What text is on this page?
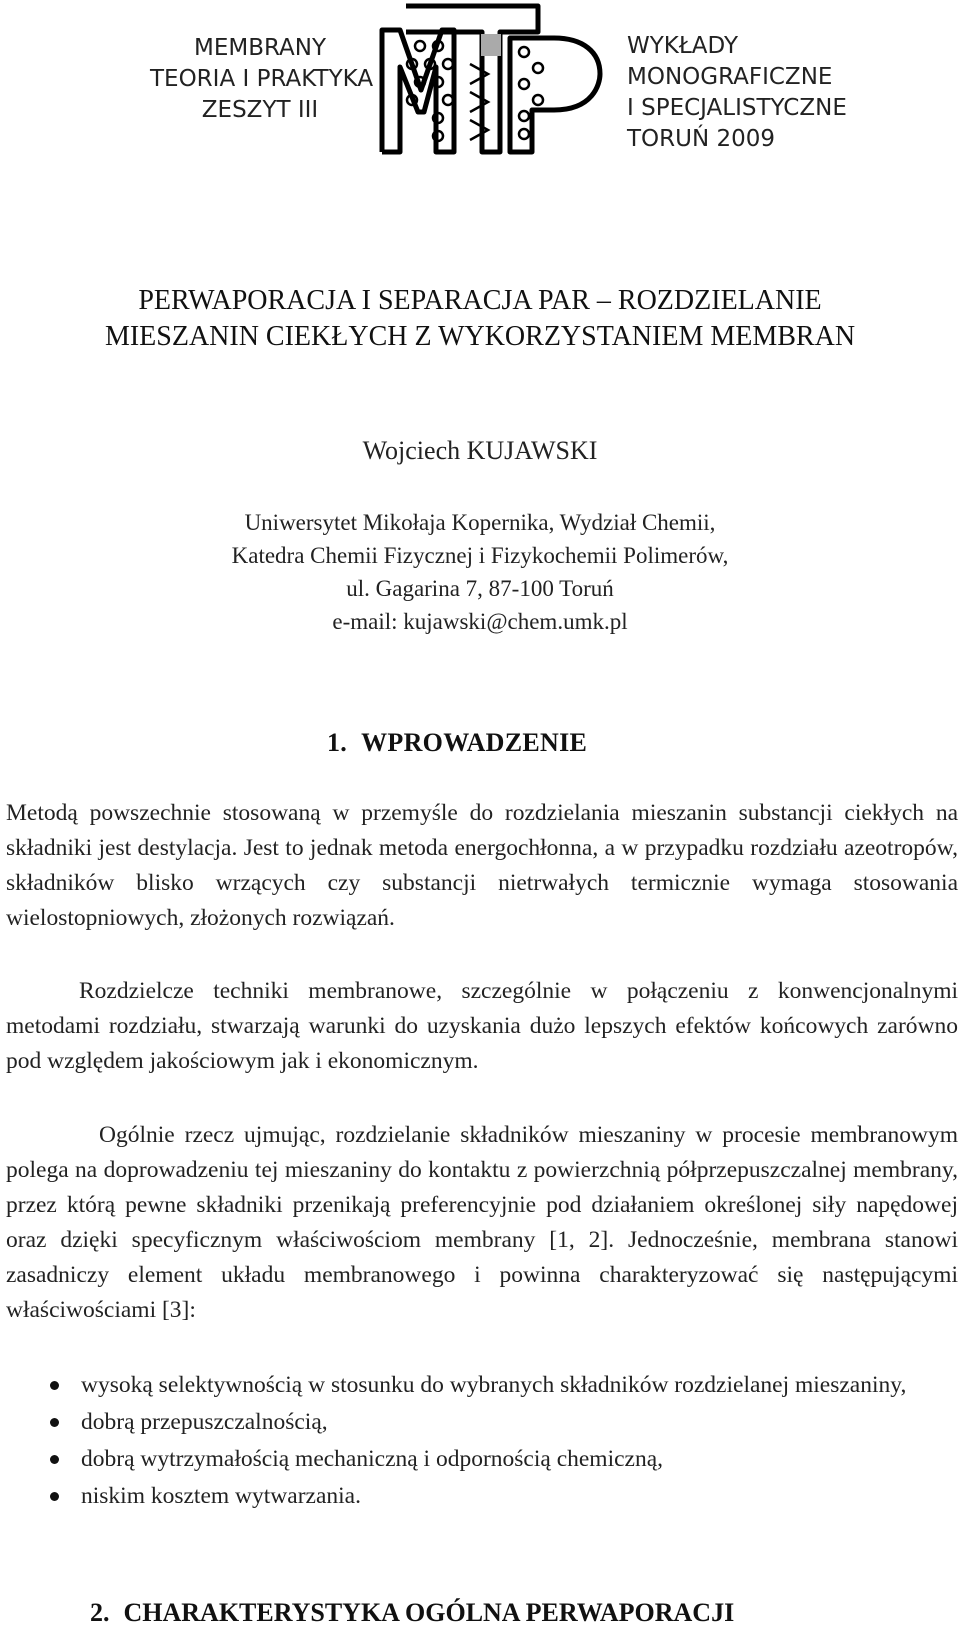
MEMBRANY
TEORIA I PRAKTYKA
ZESZYT III
WYKŁADY
MONOGRAFICZNE
I SPECJALISTYCZNE
TORUŃ 2009
PERWAPORACJA I SEPARACJA PAR – ROZDZIELANIE
MIESZANIN CIEKŁYCH Z WYKORZYSTANIEM MEMBRAN
Wojciech KUJAWSKI
Uniwersytet Mikołaja Kopernika, Wydział Chemii,
Katedra Chemii Fizycznej i Fizykochemii Polimerów,
ul. Gagarina 7, 87-100 Toruń
e-mail: kujawski@chem.umk.pl
1. WPROWADZENIE
Metodą powszechnie stosowaną w przemyśle do rozdzielania mieszanin substancji ciekłych na składniki jest destylacja. Jest to jednak metoda energochłonna, a w przypadku rozdziału azeotropów, składników blisko wrzących czy substancji nietrwałych termicznie wymaga stosowania wielostopniowych, złożonych rozwiązań.
Rozdzielcze techniki membranowe, szczególnie w połączeniu z konwencjonalnymi metodami rozdziału, stwarzają warunki do uzyskania dużo lepszych efektów końcowych zarówno pod względem jakościowym jak i ekonomicznym.
Ogólnie rzecz ujmując, rozdzielanie składników mieszaniny w procesie membranowym polega na doprowadzeniu tej mieszaniny do kontaktu z powierzchnią półprzepuszczalnej membrany, przez którą pewne składniki przenikają preferencyjnie pod działaniem określonej siły napędowej oraz dzięki specyficznym właściwościom membrany [1, 2]. Jednocześnie, membrana stanowi zasadniczy element układu membranowego i powinna charakteryzować się następującymi właściwościami [3]:
wysoką selektywnością w stosunku do wybranych składników rozdzielanej mieszaniny,
dobrą przepuszczalnością,
dobrą wytrzymałością mechaniczną i odpornością chemiczną,
niskim kosztem wytwarzania.
2. CHARAKTERYSTYKA OGÓLNA PERWAPORACJI
